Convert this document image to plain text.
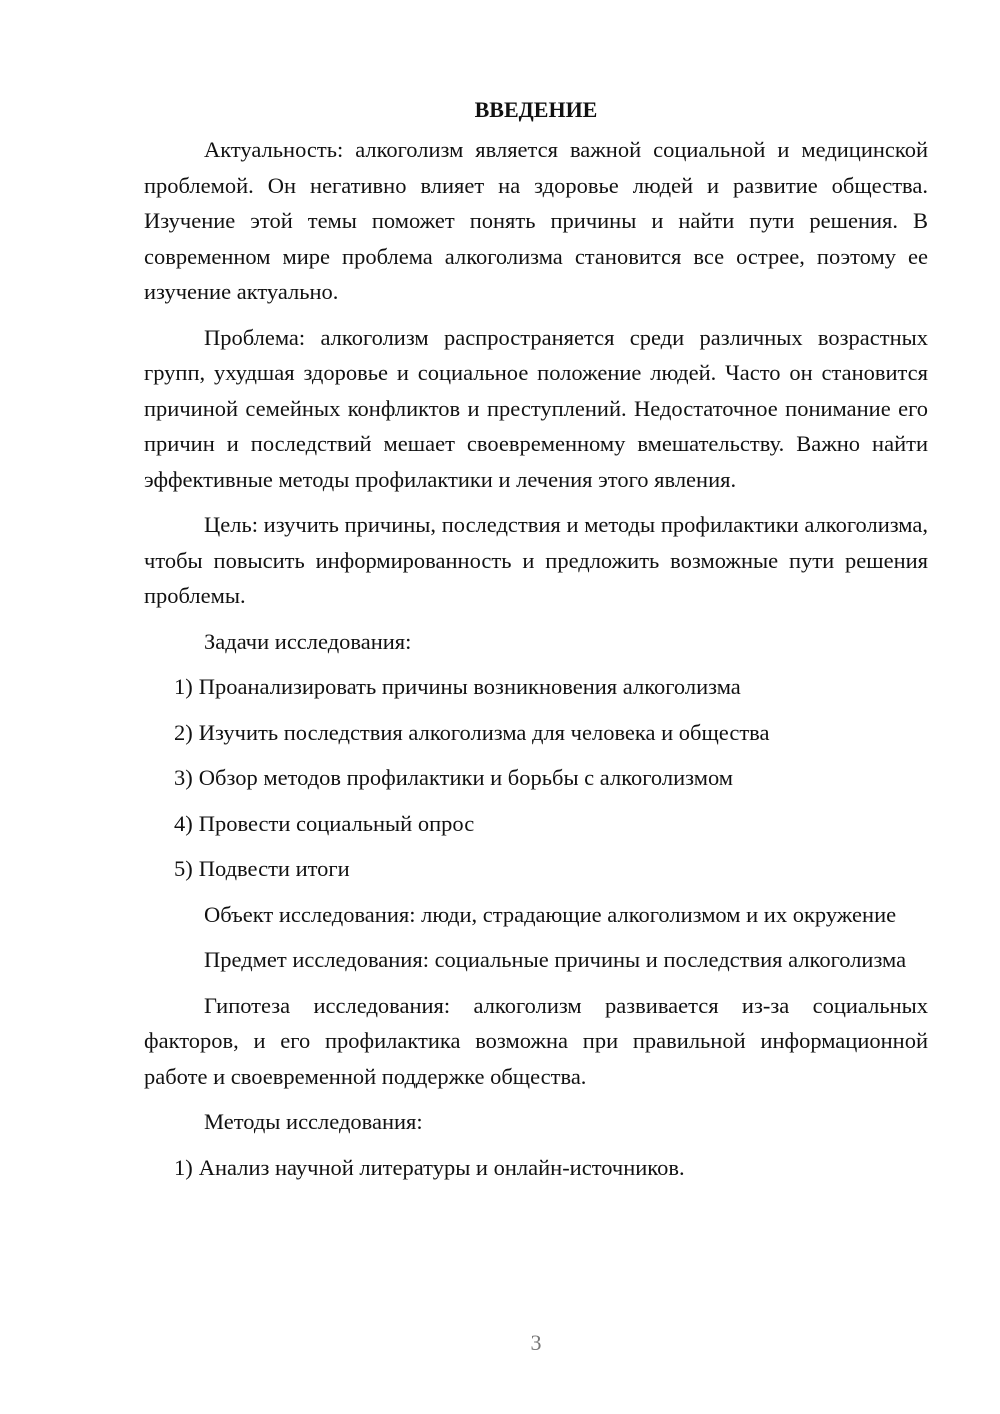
ВВЕДЕНИЕ

Актуальность: алкоголизм является важной социальной и медицинской проблемой. Он негативно влияет на здоровье людей и развитие общества. Изучение этой темы поможет понять причины и найти пути решения. В современном мире проблема алкоголизма становится все острее, поэтому ее изучение актуально.

Проблема: алкоголизм распространяется среди различных возрастных групп, ухудшая здоровье и социальное положение людей. Часто он становится причиной семейных конфликтов и преступлений. Недостаточное понимание его причин и последствий мешает своевременному вмешательству. Важно найти эффективные методы профилактики и лечения этого явления.

Цель: изучить причины, последствия и методы профилактики алкоголизма, чтобы повысить информированность и предложить возможные пути решения проблемы.

Задачи исследования:

1) Проанализировать причины возникновения алкоголизма
2) Изучить последствия алкоголизма для человека и общества
3) Обзор методов профилактики и борьбы с алкоголизмом
4) Провести социальный опрос
5) Подвести итоги

Объект исследования: люди, страдающие алкоголизмом и их окружение

Предмет исследования: социальные причины и последствия алкоголизма

Гипотеза исследования: алкоголизм развивается из-за социальных факторов, и его профилактика возможна при правильной информационной работе и своевременной поддержке общества.

Методы исследования:

1) Анализ научной литературы и онлайн-источников.
3
